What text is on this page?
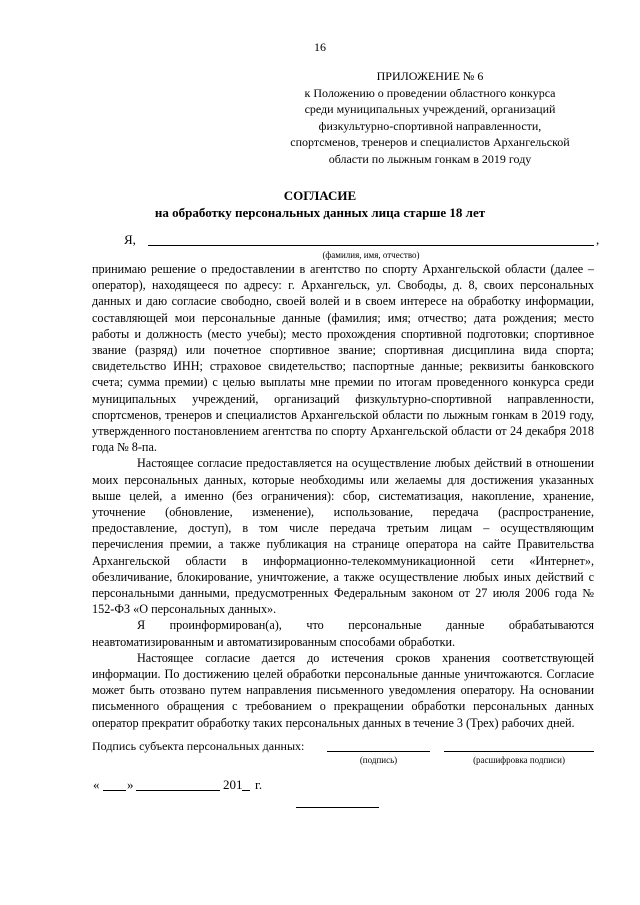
16
ПРИЛОЖЕНИЕ № 6
к Положению о проведении областного конкурса
среди муниципальных учреждений, организаций
физкультурно-спортивной направленности,
спортсменов, тренеров и специалистов Архангельской
области по лыжным гонкам в 2019 году
СОГЛАСИЕ
на обработку персональных данных лица старше 18 лет
Я,	,
(фамилия, имя, отчество)

принимаю решение о предоставлении в агентство по спорту Архангельской области (далее – оператор), находящееся по адресу: г. Архангельск, ул. Свободы, д. 8, своих персональных данных и даю согласие свободно, своей волей и в своем интересе на обработку информации, составляющей мои персональные данные (фамилия; имя; отчество; дата рождения; место работы и должность (место учебы); место прохождения спортивной подготовки; спортивное звание (разряд) или почетное спортивное звание; спортивная дисциплина вида спорта; свидетельство ИНН; страховое свидетельство; паспортные данные; реквизиты банковского счета; сумма премии) с целью выплаты мне премии по итогам проведенного конкурса среди муниципальных учреждений, организаций физкультурно-спортивной направленности, спортсменов, тренеров и специалистов Архангельской области по лыжным гонкам в 2019 году, утвержденного постановлением агентства по спорту Архангельской области от 24 декабря 2018 года № 8-па.

Настоящее согласие предоставляется на осуществление любых действий в отношении моих персональных данных, которые необходимы или желаемы для достижения указанных выше целей, а именно (без ограничения): сбор, систематизация, накопление, хранение, уточнение (обновление, изменение), использование, передача (распространение, предоставление, доступ), в том числе передача третьим лицам – осуществляющим перечисления премии, а также публикация на странице оператора на сайте Правительства Архангельской области в информационно-телекоммуникационной сети «Интернет», обезличивание, блокирование, уничтожение, а также осуществление любых иных действий с персональными данными, предусмотренных Федеральным законом от 27 июля 2006 года № 152-ФЗ «О персональных данных».

Я проинформирован(а), что персональные данные обрабатываются

неавтоматизированным и автоматизированным способами обработки.

Настоящее согласие дается до истечения сроков хранения соответствующей информации. По достижению целей обработки персональные данные уничтожаются. Согласие может быть отозвано путем направления письменного уведомления оператору. На основании письменного обращения с требованием о прекращении обработки персональных данных оператор прекратит обработку таких персональных данных в течение 3 (Трех) рабочих дней.

Подпись субъекта персональных данных:
(подпись)	(расшифровка подписи)
« »	201 г.
